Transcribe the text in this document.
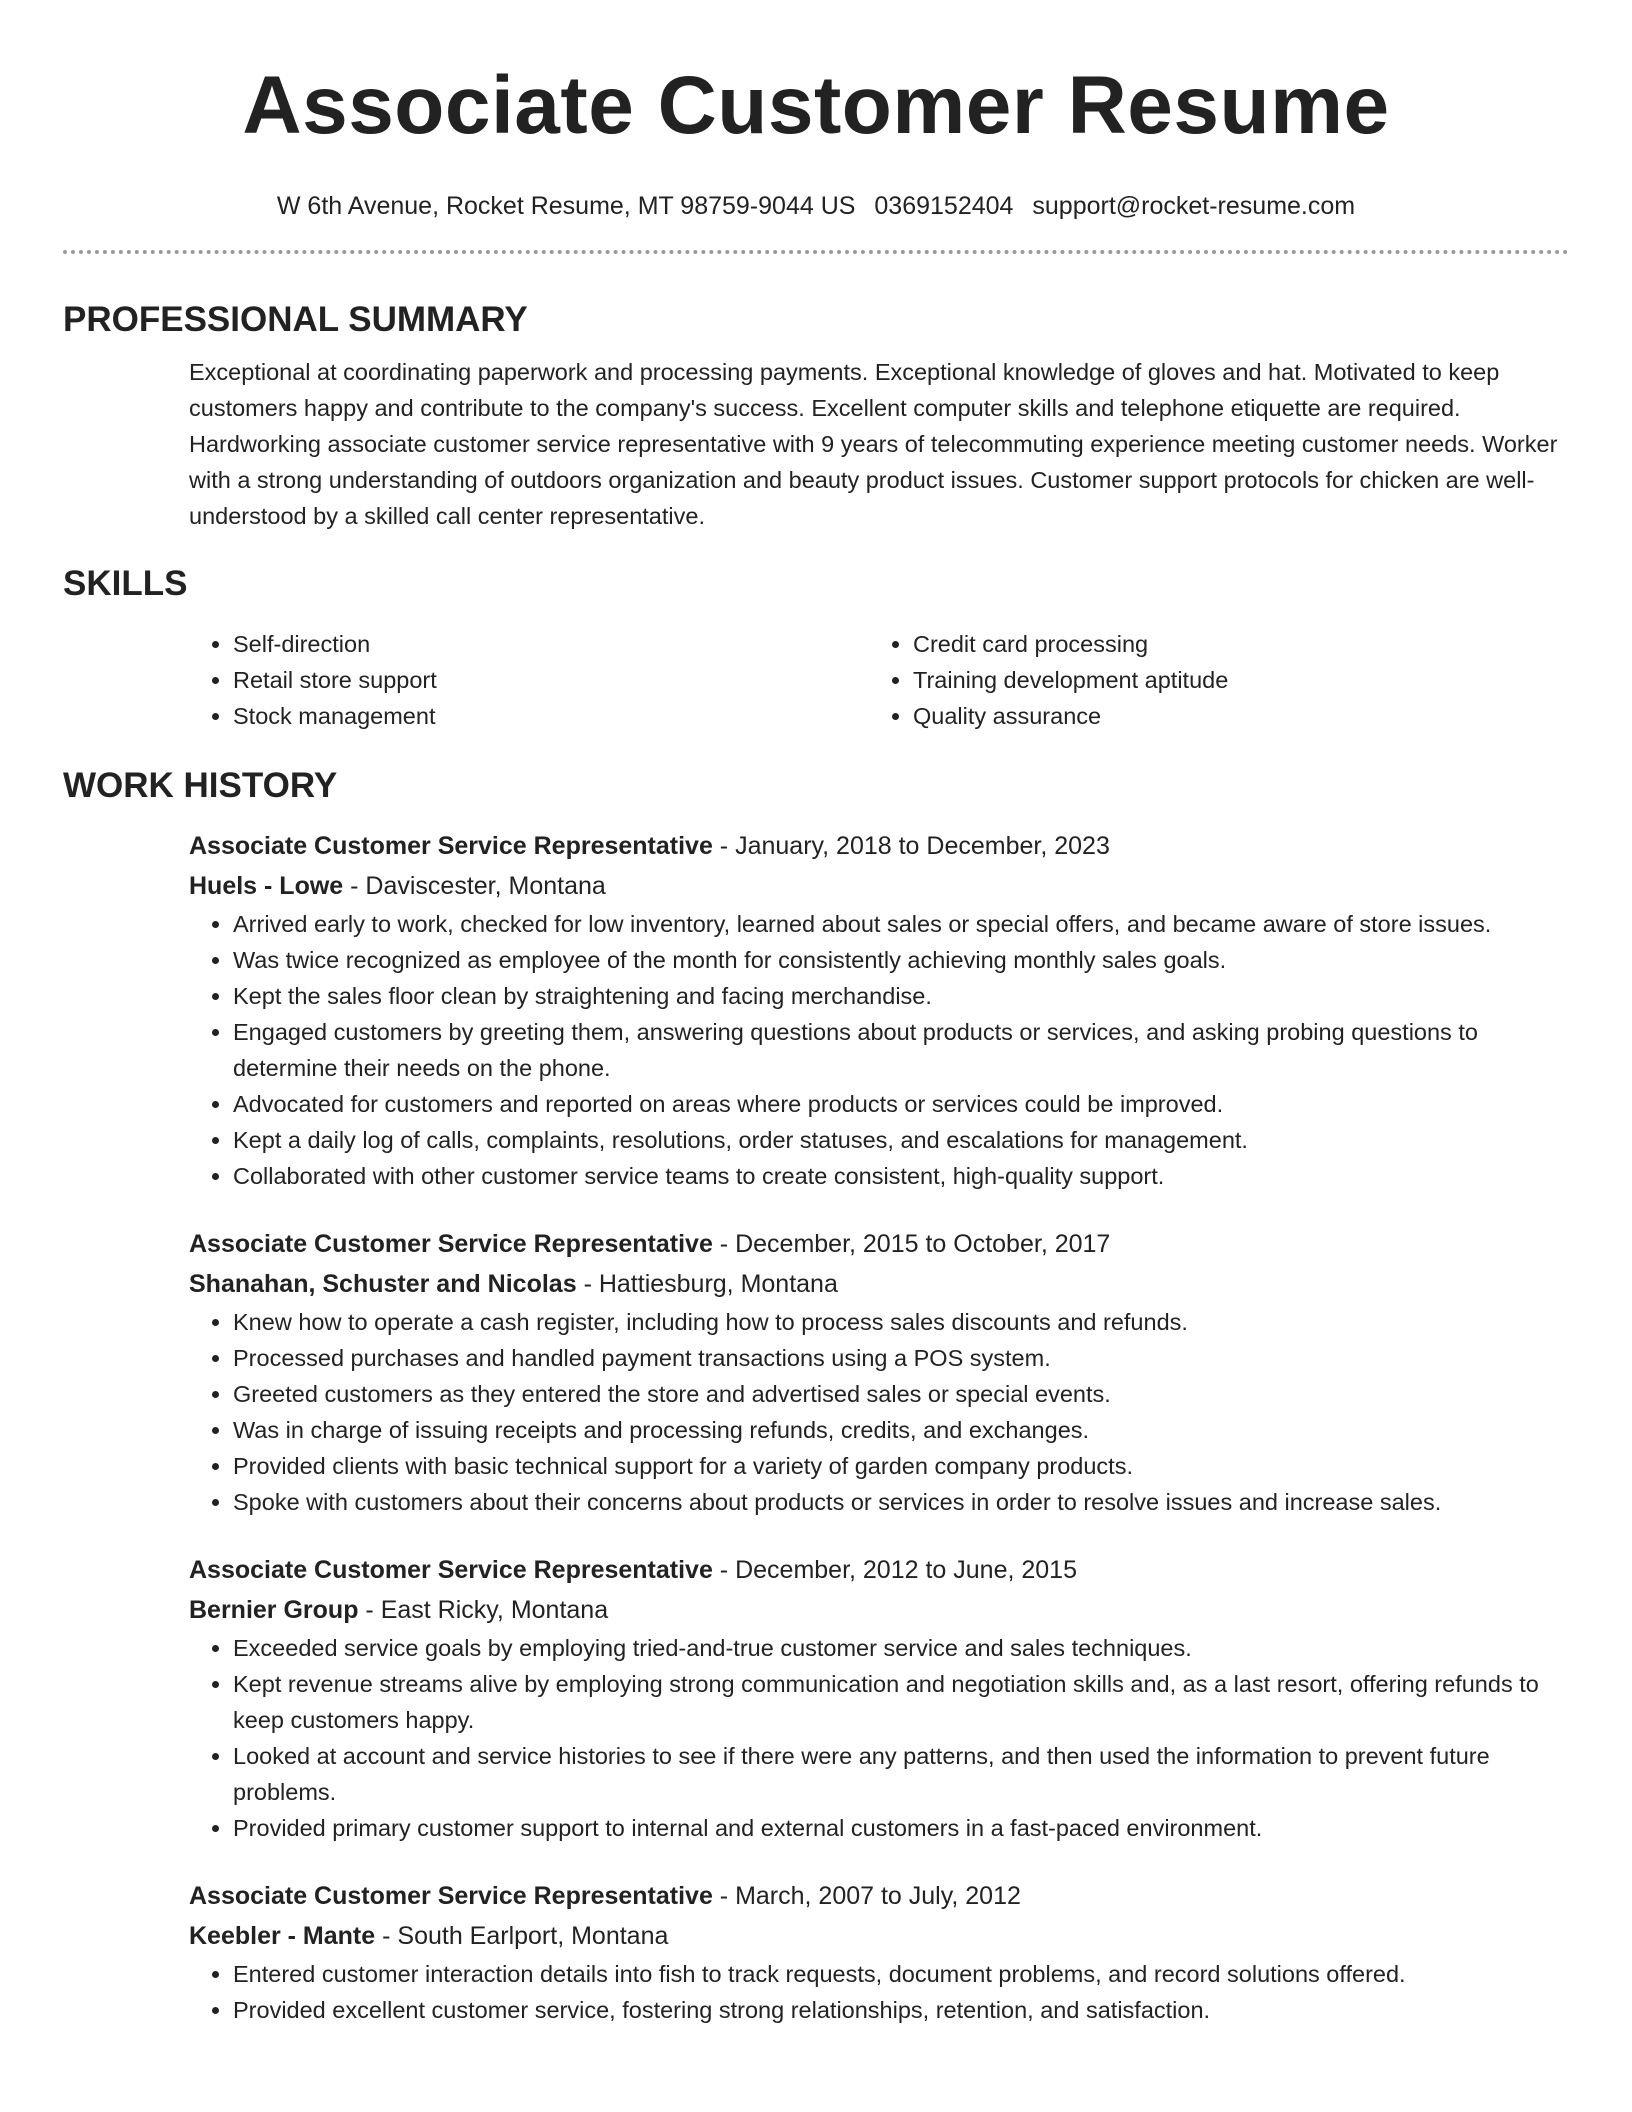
Associate Customer Resume
W 6th Avenue, Rocket Resume, MT 98759-9044 US 0369152404 support@rocket-resume.com
PROFESSIONAL SUMMARY
Exceptional at coordinating paperwork and processing payments. Exceptional knowledge of gloves and hat. Motivated to keep customers happy and contribute to the company's success. Excellent computer skills and telephone etiquette are required. Hardworking associate customer service representative with 9 years of telecommuting experience meeting customer needs. Worker with a strong understanding of outdoors organization and beauty product issues. Customer support protocols for chicken are well-understood by a skilled call center representative.
SKILLS
• Self-direction
• Retail store support
• Stock management
• Credit card processing
• Training development aptitude
• Quality assurance
WORK HISTORY
Associate Customer Service Representative - January, 2018 to December, 2023
Huels - Lowe - Daviscester, Montana
• Arrived early to work, checked for low inventory, learned about sales or special offers, and became aware of store issues.
• Was twice recognized as employee of the month for consistently achieving monthly sales goals.
• Kept the sales floor clean by straightening and facing merchandise.
• Engaged customers by greeting them, answering questions about products or services, and asking probing questions to determine their needs on the phone.
• Advocated for customers and reported on areas where products or services could be improved.
• Kept a daily log of calls, complaints, resolutions, order statuses, and escalations for management.
• Collaborated with other customer service teams to create consistent, high-quality support.
Associate Customer Service Representative - December, 2015 to October, 2017
Shanahan, Schuster and Nicolas - Hattiesburg, Montana
• Knew how to operate a cash register, including how to process sales discounts and refunds.
• Processed purchases and handled payment transactions using a POS system.
• Greeted customers as they entered the store and advertised sales or special events.
• Was in charge of issuing receipts and processing refunds, credits, and exchanges.
• Provided clients with basic technical support for a variety of garden company products.
• Spoke with customers about their concerns about products or services in order to resolve issues and increase sales.
Associate Customer Service Representative - December, 2012 to June, 2015
Bernier Group - East Ricky, Montana
• Exceeded service goals by employing tried-and-true customer service and sales techniques.
• Kept revenue streams alive by employing strong communication and negotiation skills and, as a last resort, offering refunds to keep customers happy.
• Looked at account and service histories to see if there were any patterns, and then used the information to prevent future problems.
• Provided primary customer support to internal and external customers in a fast-paced environment.
Associate Customer Service Representative - March, 2007 to July, 2012
Keebler - Mante - South Earlport, Montana
• Entered customer interaction details into fish to track requests, document problems, and record solutions offered.
• Provided excellent customer service, fostering strong relationships, retention, and satisfaction.
